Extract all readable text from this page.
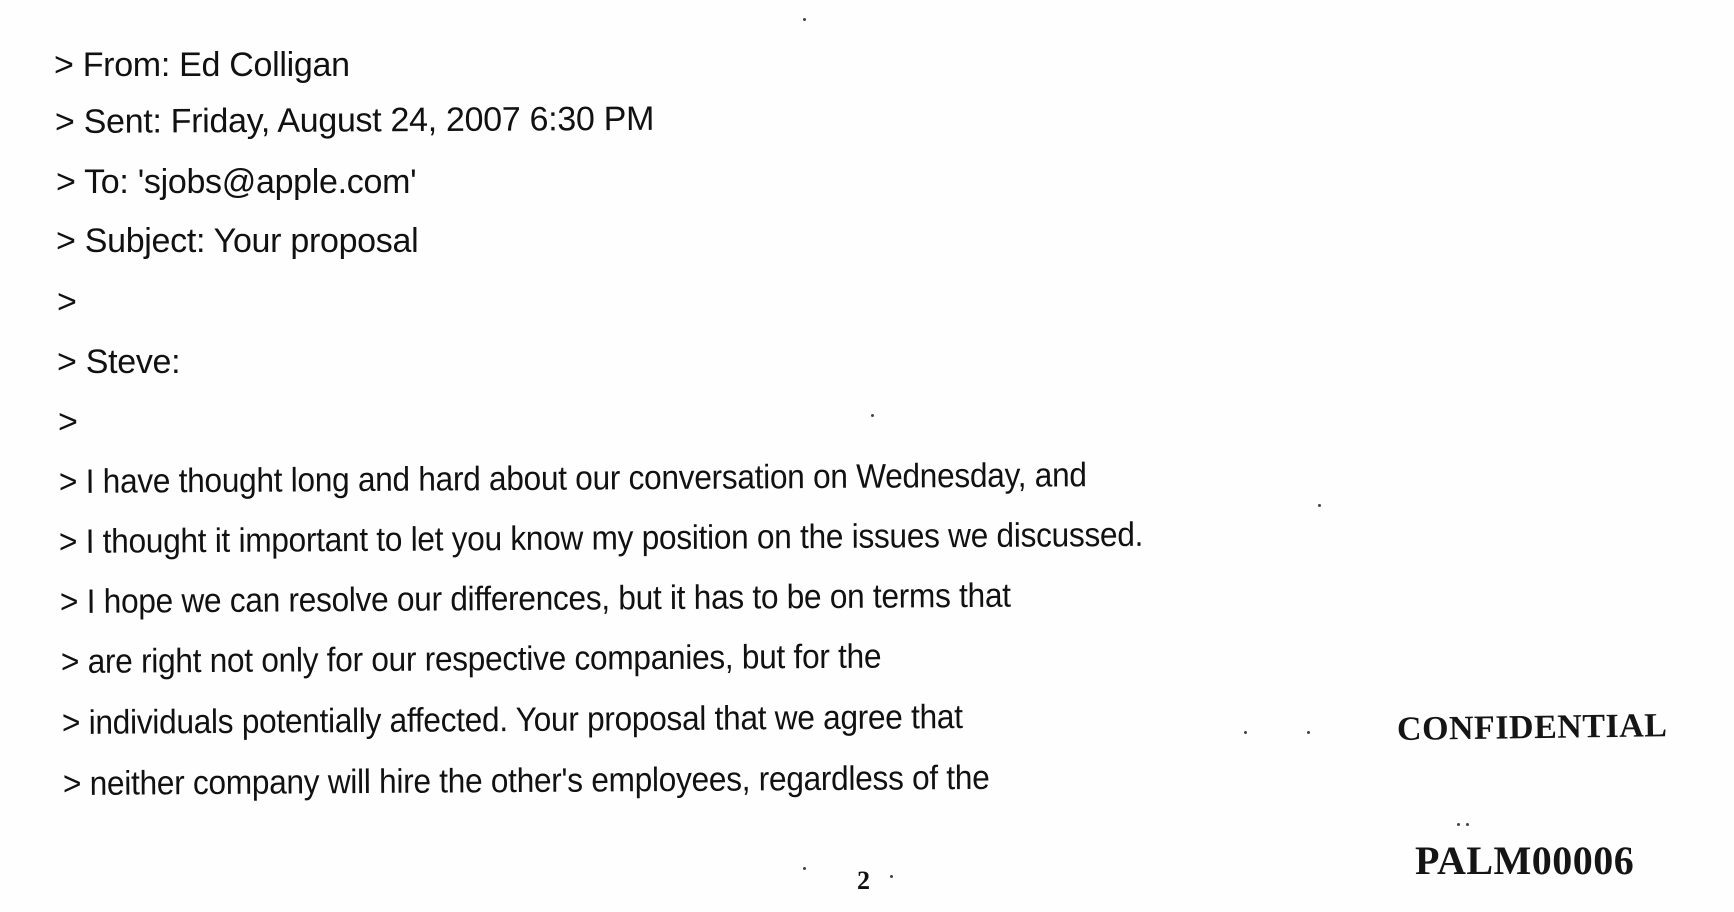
> From: Ed Colligan
> Sent: Friday, August 24, 2007 6:30 PM
> To: 'sjobs@apple.com'
> Subject: Your proposal
>
> Steve:
>
> I have thought long and hard about our conversation on Wednesday, and
> I thought it important to let you know my position on the issues we discussed.
> I hope we can resolve our differences, but it has to be on terms that
> are right not only for our respective companies, but for the
> individuals potentially affected. Your proposal that we agree that
> neither company will hire the other's employees, regardless of the
CONFIDENTIAL
PALM00006
2
